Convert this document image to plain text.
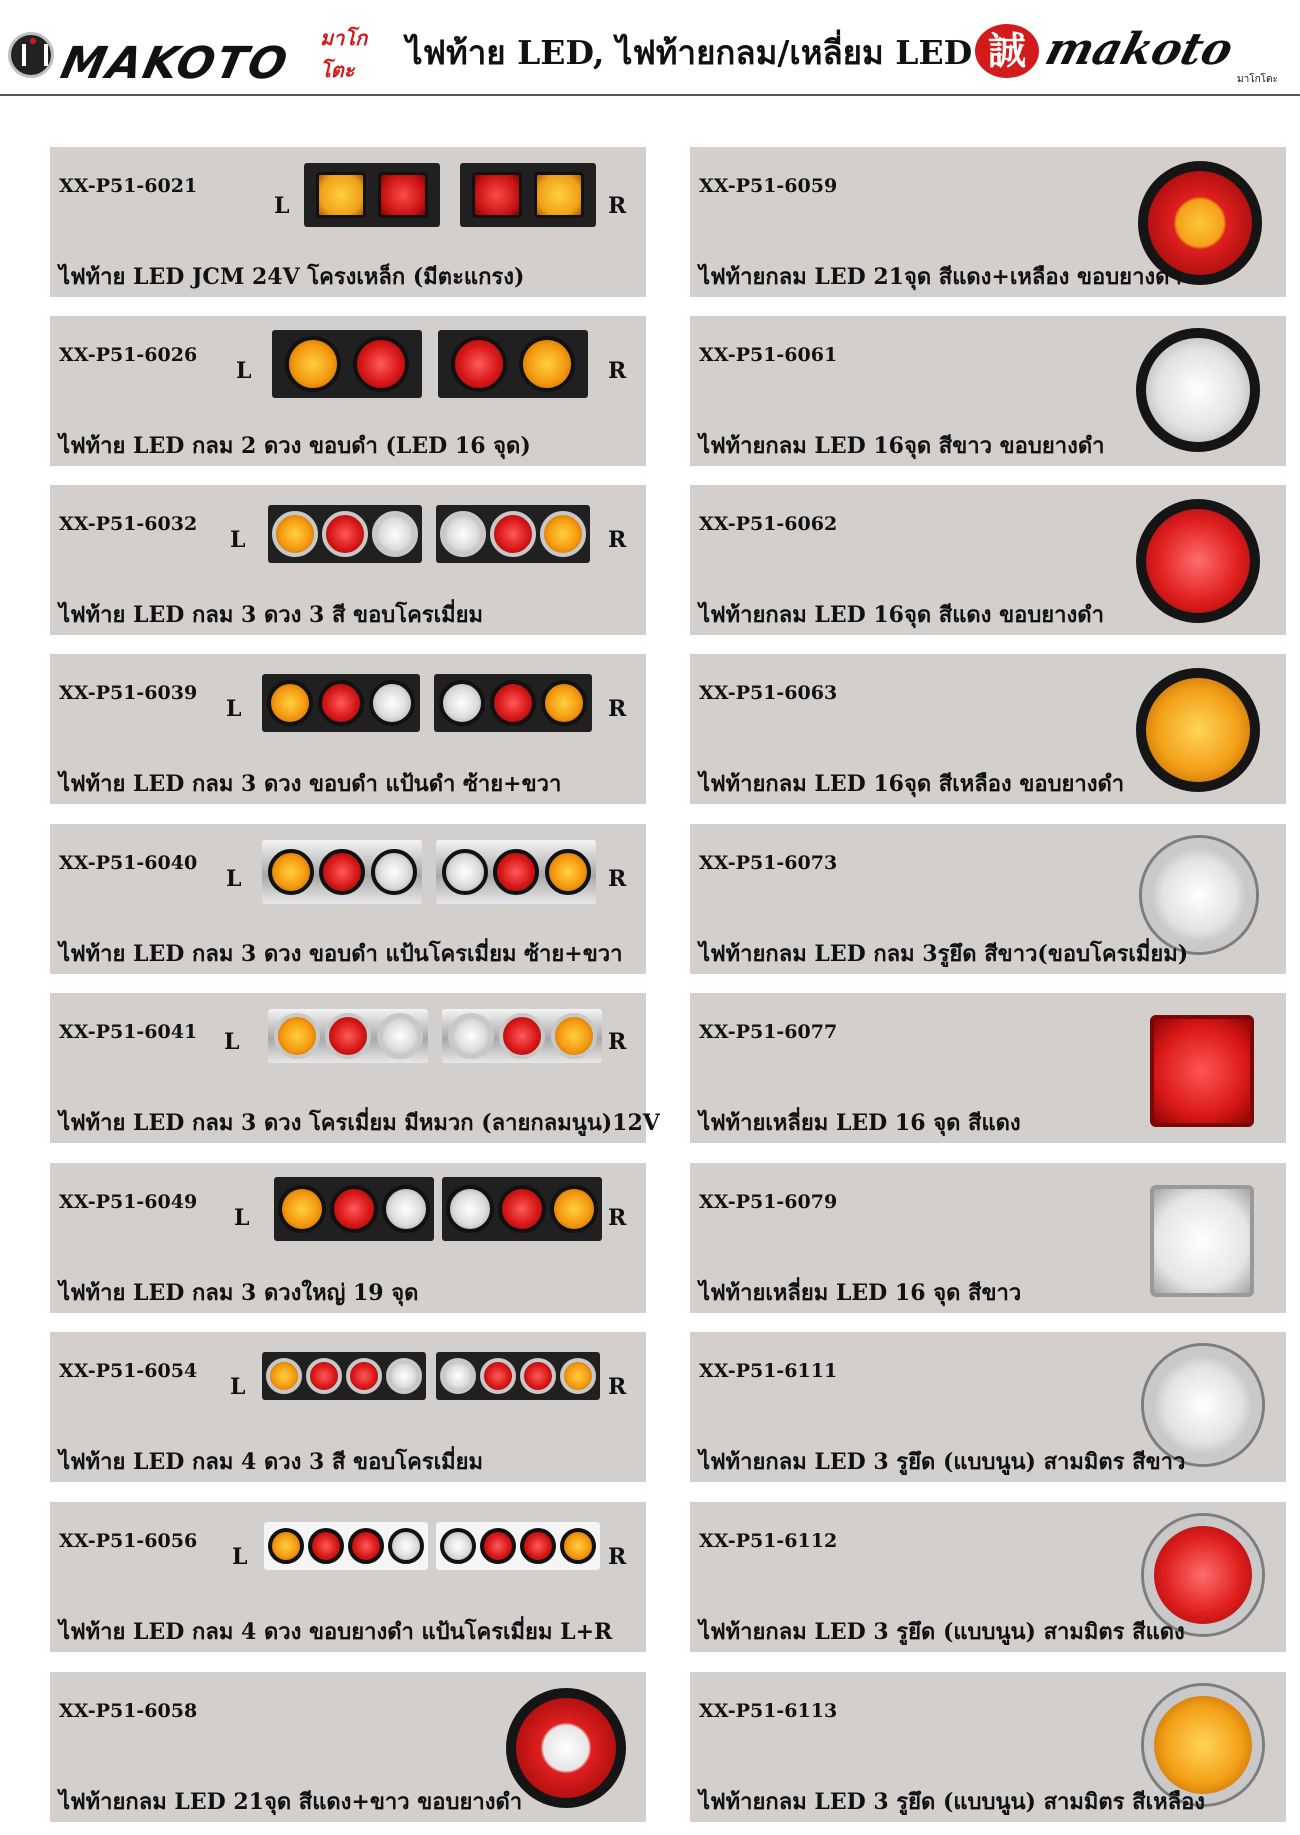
MAKOTO มาโกโตะ	ไฟท้าย LED, ไฟท้ายกลม/เหลี่ยม LED 誠 makoto
มาโกโตะ
XX-P51-6021
L	R
ไฟท้าย LED JCM 24V โครงเหล็ก (มีตะแกรง)
XX-P51-6026
L	R
ไฟท้าย LED กลม 2 ดวง ขอบดำ (LED 16 จุด)
XX-P51-6032
L	R
ไฟท้าย LED กลม 3 ดวง 3 สี ขอบโครเมี่ยม
XX-P51-6039
L	R
ไฟท้าย LED กลม 3 ดวง ขอบดำ แป้นดำ ซ้าย+ขวา
XX-P51-6040
L	R
ไฟท้าย LED กลม 3 ดวง ขอบดำ แป้นโครเมี่ยม ซ้าย+ขวา
XX-P51-6041 L	R
ไฟท้าย LED กลม 3 ดวง โครเมี่ยม มีหมวก (ลายกลมนูน)12V
XX-P51-6049
L	R
ไฟท้าย LED กลม 3 ดวงใหญ่ 19 จุด
XX-P51-6054
L	R
ไฟท้าย LED กลม 4 ดวง 3 สี ขอบโครเมี่ยม
XX-P51-6056
L	R
ไฟท้าย LED กลม 4 ดวง ขอบยางดำ แป้นโครเมี่ยม L+R
XX-P51-6058
ไฟท้ายกลม LED 21จุด สีแดง+ขาว ขอบยางดำ
XX-P51-6059
ไฟท้ายกลม LED 21จุด สีแดง+เหลือง ขอบยางดำ
XX-P51-6061
ไฟท้ายกลม LED 16จุด สีขาว ขอบยางดำ
XX-P51-6062
ไฟท้ายกลม LED 16จุด สีแดง ขอบยางดำ
XX-P51-6063
ไฟท้ายกลม LED 16จุด สีเหลือง ขอบยางดำ
XX-P51-6073
ไฟท้ายกลม LED กลม 3รูยึด สีขาว(ขอบโครเมี่ยม)
XX-P51-6077
ไฟท้ายเหลี่ยม LED 16 จุด สีแดง
XX-P51-6079
ไฟท้ายเหลี่ยม LED 16 จุด สีขาว
XX-P51-6111
ไฟท้ายกลม LED 3 รูยึด (แบบนูน) สามมิตร สีขาว
XX-P51-6112
ไฟท้ายกลม LED 3 รูยึด (แบบนูน) สามมิตร สีแดง
XX-P51-6113
ไฟท้ายกลม LED 3 รูยึด (แบบนูน) สามมิตร สีเหลือง
